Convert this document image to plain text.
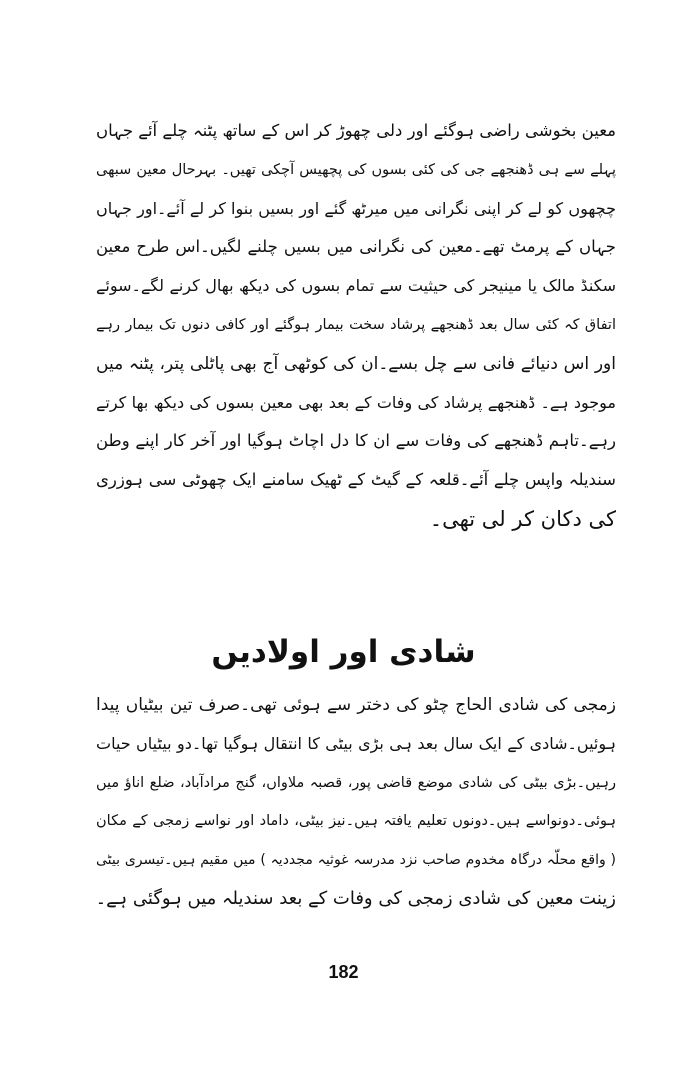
معین بخوشی راضی ہوگئے اور دلی چھوڑ کر اس کے ساتھ پٹنہ چلے آئے جہاں
پہلے سے ہی ڈھنجھے جی کی کئی بسوں کی پچھیس آچکی تھیں۔ بہرحال معین سبھی
چچھوں کو لے کر اپنی نگرانی میں میرٹھ گئے اور بسیں بنوا کر لے آئے۔اور جہاں
جہاں کے پرمٹ تھے۔معین کی نگرانی میں بسیں چلنے لگیں۔اس طرح معین
سکنڈ مالک یا مینیجر کی حیثیت سے تمام بسوں کی دیکھ بھال کرنے لگے۔سوئے
اتفاق کہ کئی سال بعد ڈھنجھے پرشاد سخت بیمار ہوگئے اور کافی دنوں تک بیمار رہے
اور اس دنیائے فانی سے چل بسے۔ان کی کوٹھی آج بھی پاٹلی پتر، پٹنہ میں
موجود ہے۔ ڈھنجھے پرشاد کی وفات کے بعد بھی معین بسوں کی دیکھ بھا کرتے
رہے۔تاہم ڈھنجھے کی وفات سے ان کا دل اچاٹ ہوگیا اور آخر کار اپنے وطن
سندیلہ واپس چلے آئے۔قلعہ کے گیٹ کے ٹھیک سامنے ایک چھوٹی سی ہوزری
کی دکان کر لی تھی۔
شادی اور اولادیں
زمجی کی شادی الحاج چٹو کی دختر سے ہوئی تھی۔صرف تین بیٹیاں پیدا
ہوئیں۔شادی کے ایک سال بعد ہی بڑی بیٹی کا انتقال ہوگیا تھا۔دو بیٹیاں حیات
رہیں۔بڑی بیٹی کی شادی موضع قاضی پور، قصبہ ملاواں، گنج مرادآباد، ضلع اناؤ میں
ہوئی۔دونواسے ہیں۔دونوں تعلیم یافتہ ہیں۔نیز بیٹی، داماد اور نواسے زمجی کے مکان
( واقع محلّہ درگاہ مخدوم صاحب نزد مدرسہ غوثیہ مجددیہ ) میں مقیم ہیں۔تیسری بیٹی
زینت معین کی شادی زمجی کی وفات کے بعد سندیلہ میں ہوگئی ہے۔
182
